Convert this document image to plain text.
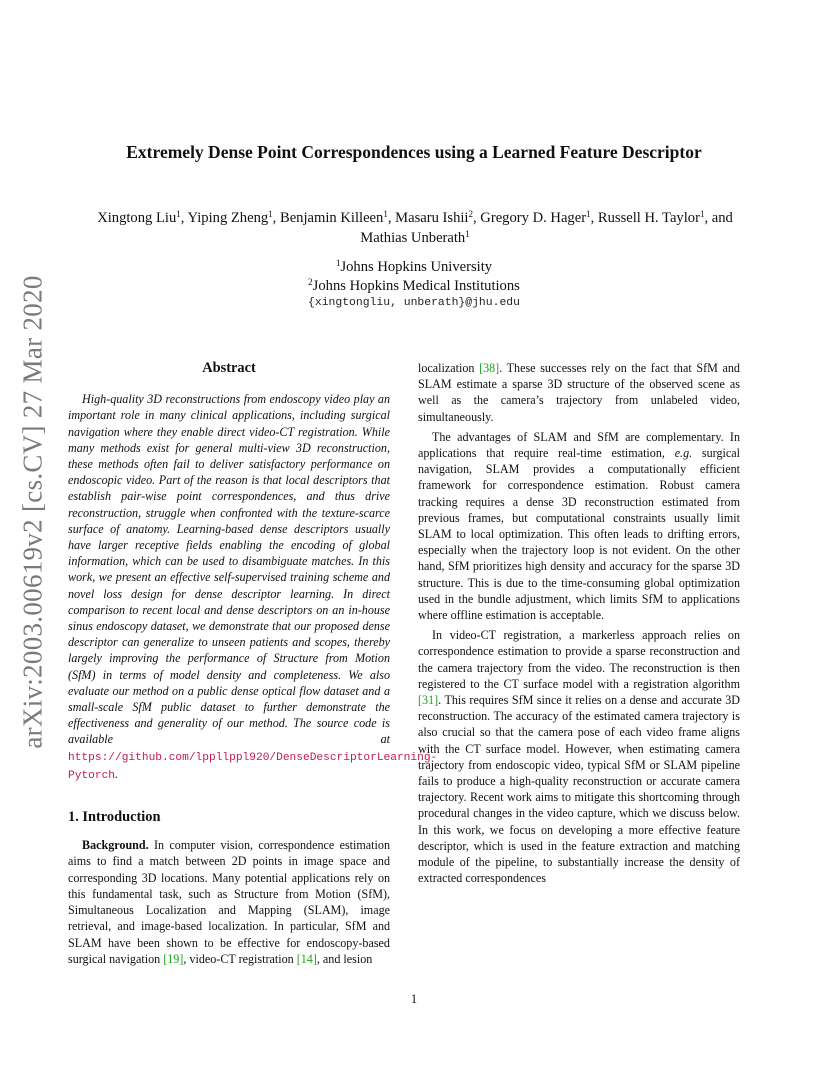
arXiv:2003.00619v2 [cs.CV] 27 Mar 2020
Extremely Dense Point Correspondences using a Learned Feature Descriptor
Xingtong Liu$^1$, Yiping Zheng$^1$, Benjamin Killeen$^1$, Masaru Ishii$^2$, Gregory D. Hager$^1$, Russell H. Taylor$^1$, and Mathias Unberath$^1$
$^1$Johns Hopkins University
$^2$Johns Hopkins Medical Institutions
{xingtongliu, unberath}@jhu.edu
Abstract

High-quality 3D reconstructions from endoscopy video play an important role in many clinical applications, including surgical navigation where they enable direct video-CT registration. While many methods exist for general multi-view 3D reconstruction, these methods often fail to deliver satisfactory performance on endoscopic video. Part of the reason is that local descriptors that establish pair-wise point correspondences, and thus drive reconstruction, struggle when confronted with the texture-scarce surface of anatomy. Learning-based dense descriptors usually have larger receptive fields enabling the encoding of global information, which can be used to disambiguate matches. In this work, we present an effective self-supervised training scheme and novel loss design for dense descriptor learning. In direct comparison to recent local and dense descriptors on an in-house sinus endoscopy dataset, we demonstrate that our proposed dense descriptor can generalize to unseen patients and scopes, thereby largely improving the performance of Structure from Motion (SfM) in terms of model density and completeness. We also evaluate our method on a public dense optical flow dataset and a small-scale SfM public dataset to further demonstrate the effectiveness and generality of our method. The source code is available at https://github.com/lppllppl920/DenseDescriptorLearning-Pytorch.

1. Introduction

Background. In computer vision, correspondence estimation aims to find a match between 2D points in image space and corresponding 3D locations. Many potential applications rely on this fundamental task, such as Structure from Motion (SfM), Simultaneous Localization and Mapping (SLAM), image retrieval, and image-based localization. In particular, SfM and SLAM have been shown to be effective for endoscopy-based surgical navigation [19], video-CT registration [14], and lesion

localization [38]. These successes rely on the fact that SfM and SLAM estimate a sparse 3D structure of the observed scene as well as the camera’s trajectory from unlabeled video, simultaneously.

The advantages of SLAM and SfM are complementary. In applications that require real-time estimation, e.g. surgical navigation, SLAM provides a computationally efficient framework for correspondence estimation. Robust camera tracking requires a dense 3D reconstruction estimated from previous frames, but computational constraints usually limit SLAM to local optimization. This often leads to drifting errors, especially when the trajectory loop is not evident. On the other hand, SfM prioritizes high density and accuracy for the sparse 3D structure. This is due to the time-consuming global optimization used in the bundle adjustment, which limits SfM to applications where offline estimation is acceptable.

In video-CT registration, a markerless approach relies on correspondence estimation to provide a sparse reconstruction and the camera trajectory from the video. The reconstruction is then registered to the CT surface model with a registration algorithm [31]. This requires SfM since it relies on a dense and accurate 3D reconstruction. The accuracy of the estimated camera trajectory is also crucial so that the camera pose of each video frame aligns with the CT surface model. However, when estimating camera trajectory from endoscopic video, typical SfM or SLAM pipeline fails to produce a high-quality reconstruction or accurate camera trajectory. Recent work aims to mitigate this shortcoming through procedural changes in the video capture, which we discuss below. In this work, we focus on developing a more effective feature descriptor, which is used in the feature extraction and matching module of the pipeline, to substantially increase the density of extracted correspondences

1
